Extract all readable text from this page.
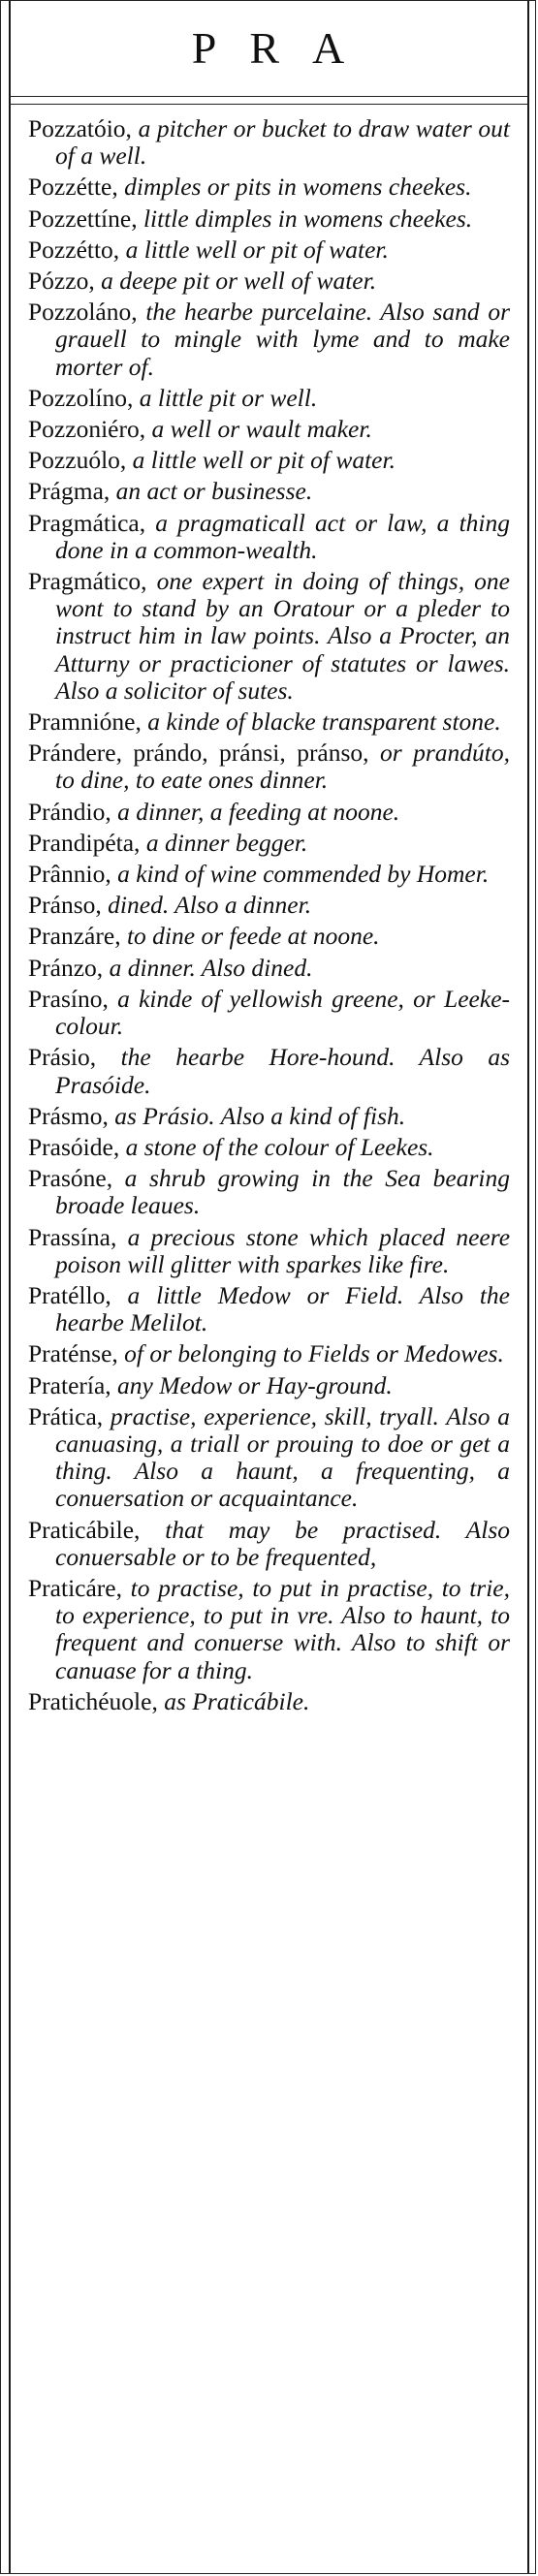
PRA
Pozzatóio, a pitcher or bucket to draw water out of a well.
Pozzétte, dimples or pits in womens cheekes.
Pozzettíne, little dimples in womens cheekes.
Pozzétto, a little well or pit of water.
Pózzo, a deepe pit or well of water.
Pozzoláno, the hearbe purcelaine. Also sand or grauell to mingle with lyme and to make morter of.
Pozzolíno, a little pit or well.
Pozzoniéro, a well or wault maker.
Pozzuólo, a little well or pit of water.
Prágma, an act or businesse.
Pragmática, a pragmaticall act or law, a thing done in a common-wealth.
Pragmático, one expert in doing of things, one wont to stand by an Oratour or a pleder to instruct him in law points. Also a Procter, an Atturny or practicioner of statutes or lawes. Also a solicitor of sutes.
Pramnióne, a kinde of blacke transparent stone.
Prándere, prándo, pránsi, pránso, or prandúto, to dine, to eate ones dinner.
Prándio, a dinner, a feeding at noone.
Prandipéta, a dinner begger.
Prânnio, a kind of wine commended by Homer.
Pránso, dined. Also a dinner.
Pranzáre, to dine or feede at noone.
Pránzo, a dinner. Also dined.
Prasíno, a kinde of yellowish greene, or Leeke-colour.
Prásio, the hearbe Hore-hound. Also as Prasóide.
Prásmo, as Prásio. Also a kind of fish.
Prasóide, a stone of the colour of Leekes.
Prasóne, a shrub growing in the Sea bearing broade leaues.
Prassína, a precious stone which placed neere poison will glitter with sparkes like fire.
Pratéllo, a little Medow or Field. Also the hearbe Melilot.
Praténse, of or belonging to Fields or Medowes.
Pratería, any Medow or Hay-ground.
Prática, practise, experience, skill, tryall. Also a canuasing, a triall or prouing to doe or get a thing. Also a haunt, a frequenting, a conuersation or acquaintance.
Praticábile, that may be practised. Also conuersable or to be frequented,
Praticáre, to practise, to put in practise, to trie, to experience, to put in vre. Also to haunt, to frequent and conuerse with. Also to shift or canuase for a thing.
Pratichéuole, as Praticábile.
